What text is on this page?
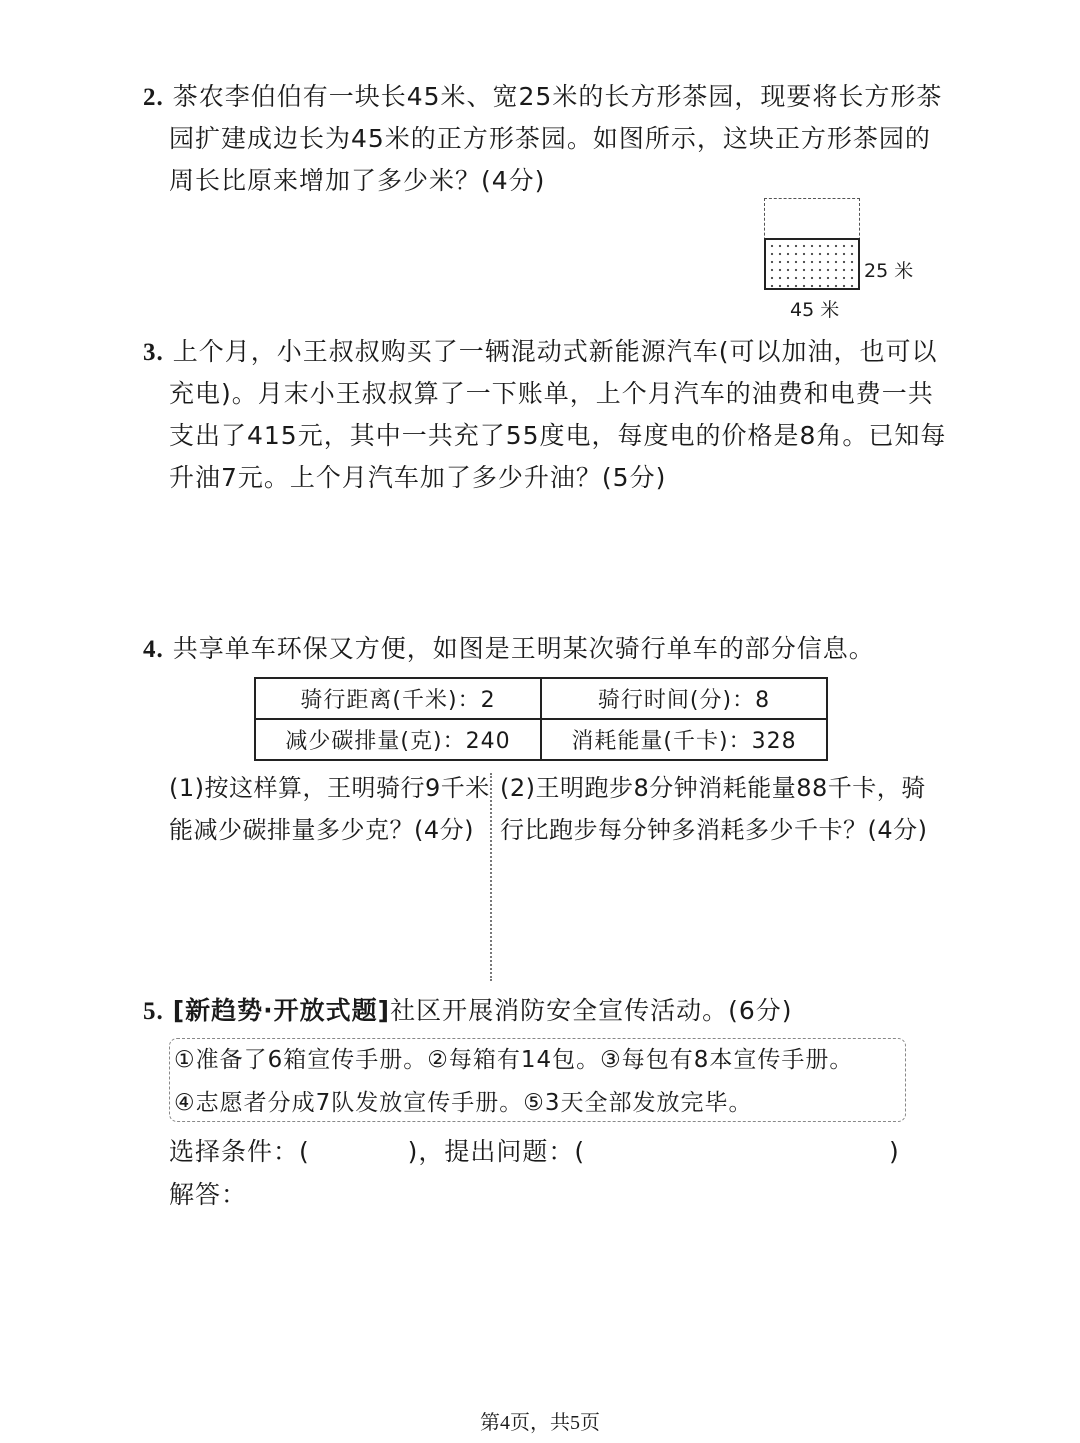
2. 茶农李伯伯有一块长45米、宽25米的长方形茶园，现要将长方形茶
园扩建成边长为45米的正方形茶园。如图所示，这块正方形茶园的
周长比原来增加了多少米？(4分)
25 米
45 米
3. 上个月，小王叔叔购买了一辆混动式新能源汽车(可以加油，也可以
充电)。月末小王叔叔算了一下账单，上个月汽车的油费和电费一共
支出了415元，其中一共充了55度电，每度电的价格是8角。已知每
升油7元。上个月汽车加了多少升油？(5分)
4. 共享单车环保又方便，如图是王明某次骑行单车的部分信息。
骑行距离(千米)：2	骑行时间(分)：8
减少碳排量(克)：240	消耗能量(千卡)：328
(1)按这样算，王明骑行9千米
能减少碳排量多少克？(4分)
(2)王明跑步8分钟消耗能量88千卡，骑
行比跑步每分钟多消耗多少千卡？(4分)
5. [新趋势·开放式题]社区开展消防安全宣传活动。(6分)
①准备了6箱宣传手册。②每箱有14包。③每包有8本宣传手册。
④志愿者分成7队发放宣传手册。⑤3天全部发放完毕。
选择条件：(	)，提出问题：(	)
解答：
第4页，共5页
